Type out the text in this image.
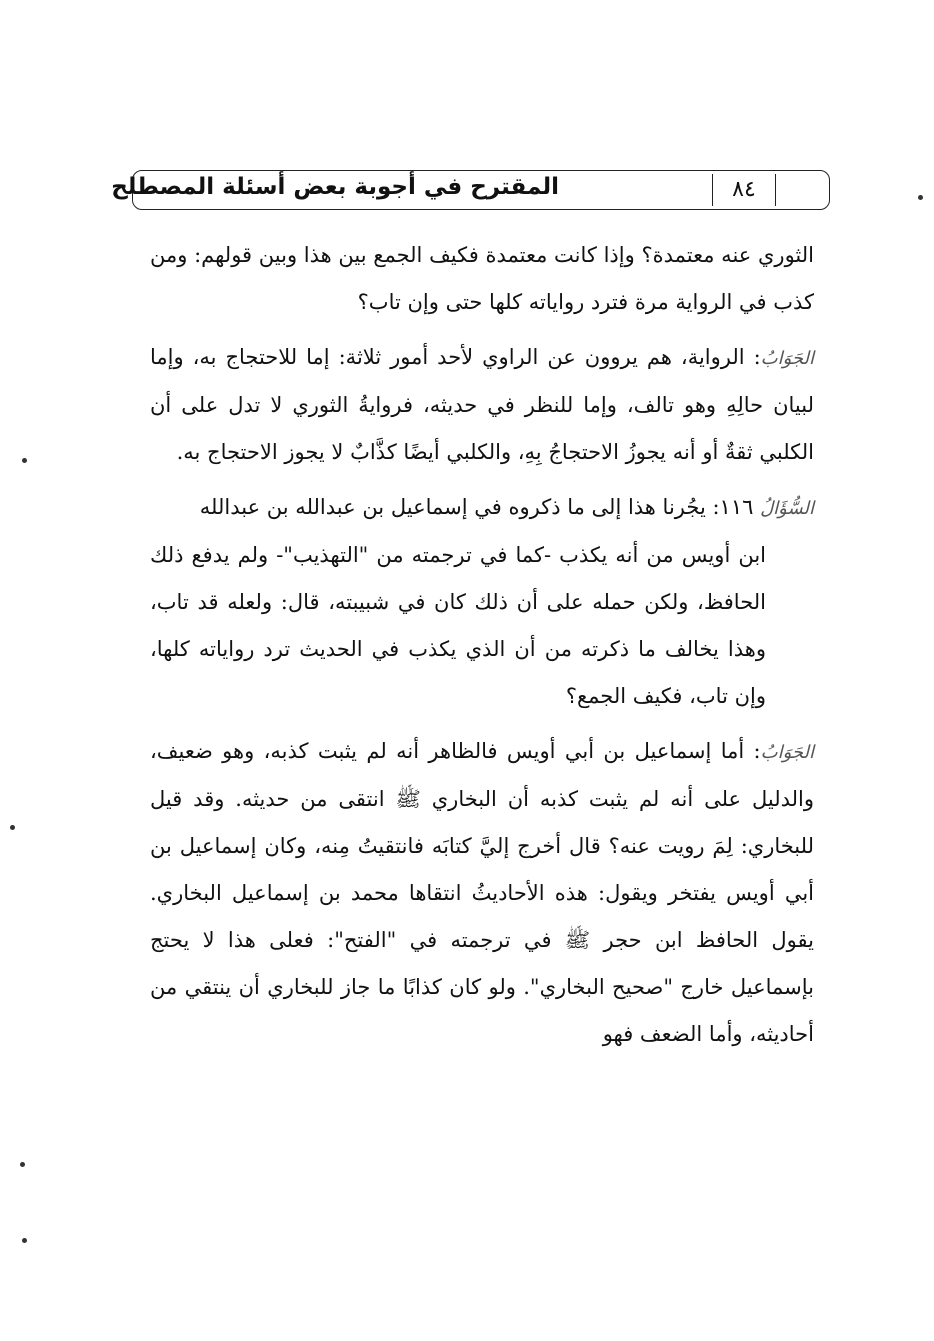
المقترح في أجوبة بعض أسئلة المصطلح	٨٤

الثوري عنه معتمدة؟ وإذا كانت معتمدة فكيف الجمع بين هذا وبين قولهم: ومن كذب في الرواية مرة فترد رواياته كلها حتى وإن تاب؟

الجَوَابُ: الرواية، هم يروون عن الراوي لأحد أمور ثلاثة: إما للاحتجاج به، وإما لبيان حالِهِ وهو تالف، وإما للنظر في حديثه، فروايةُ الثوري لا تدل على أن الكلبي ثقةٌ أو أنه يجوزُ الاحتجاجُ بِهِ، والكلبي أيضًا كذَّابٌ لا يجوز الاحتجاج به.

السُّؤَالُ ١١٦: يجُرنا هذا إلى ما ذكروه في إسماعيل بن عبدالله بن عبدالله

ابن أويس من أنه يكذب -كما في ترجمته من "التهذيب"- ولم يدفع ذلك الحافظ، ولكن حمله على أن ذلك كان في شبيبته، قال: ولعله قد تاب، وهذا يخالف ما ذكرته من أن الذي يكذب في الحديث ترد رواياته كلها، وإن تاب، فكيف الجمع؟

الجَوَابُ: أما إسماعيل بن أبي أويس فالظاهر أنه لم يثبت كذبه، وهو ضعيف، والدليل على أنه لم يثبت كذبه أن البخاري ﷺ انتقى من حديثه. وقد قيل للبخاري: لِمَ رويت عنه؟ قال أخرج إليَّ كتابَه فانتقيتُ مِنه، وكان إسماعيل بن أبي أويس يفتخر ويقول: هذه الأحاديثُ انتقاها محمد بن إسماعيل البخاري. يقول الحافظ ابن حجر ﷺ في ترجمته في "الفتح": فعلى هذا لا يحتج بإسماعيل خارج "صحيح البخاري". ولو كان كذابًا ما جاز للبخاري أن ينتقي من أحاديثه، وأما الضعف فهو
